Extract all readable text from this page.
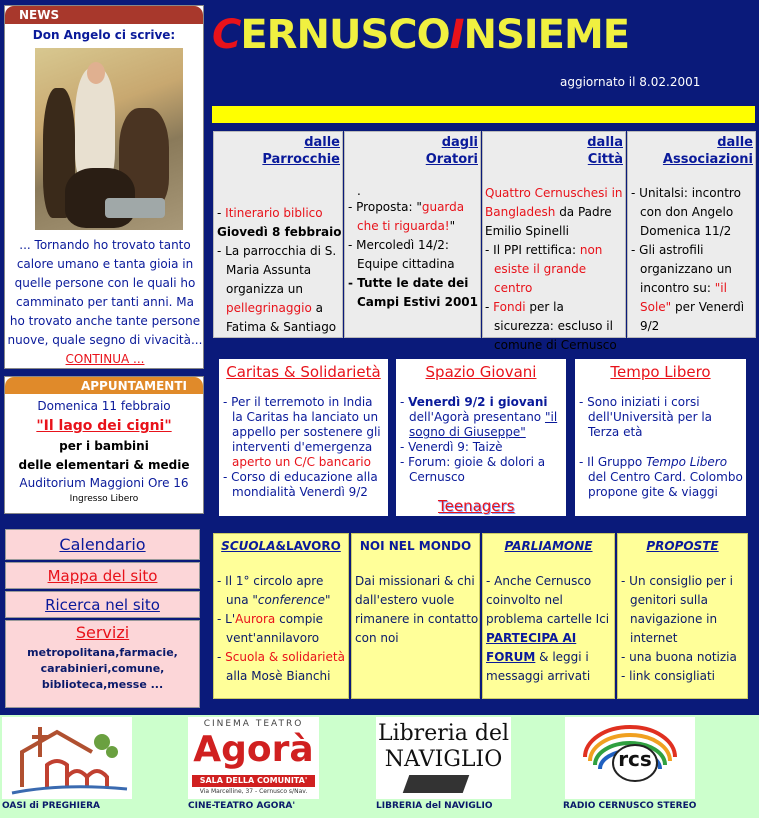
NEWS
Don Angelo ci scrive:
... Tornando ho trovato tanto calore umano e tanta gioia in quelle persone con le quali ho camminato per tanti anni. Ma ho trovato anche tante persone nuove, quale segno di vivacità...
CONTINUA ...
APPUNTAMENTI
Domenica 11 febbraio
"Il lago dei cigni"
per i bambini
delle elementari & medie
Auditorium Maggioni Ore 16
Ingresso Libero
Calendario
Mappa del sito
Ricerca nel sito
Servizi
metropolitana,farmacie, carabinieri,comune, biblioteca,messe ...
CERNUSCOINSIEME
aggiornato il 8.02.2001
dalle
Parrocchie
- Itinerario biblico
Giovedì 8 febbraio

- La parrocchia di S. Maria Assunta organizza un pellegrinaggio a Fatima & Santiago
dagli
Oratori
.
- Proposta: "guarda che ti riguarda!"
- Mercoledì 14/2: Equipe cittadina
- Tutte le date dei Campi Estivi 2001
dalla
Città
Quattro Cernuschesi in Bangladesh da Padre Emilio Spinelli
- Il PPI rettifica: non esiste il grande centro
- Fondi per la sicurezza: escluso il comune di Cernusco
dalle
Associazioni
- Unitalsi: incontro con don Angelo Domenica 11/2
- Gli astrofili organizzano un incontro su: "il Sole" per Venerdì 9/2
Caritas & Solidarietà
- Per il terremoto in India la Caritas ha lanciato un appello per sostenere gli interventi d'emergenza aperto un C/C bancario
- Corso di educazione alla mondialità Venerdì 9/2
Spazio Giovani
- Venerdì 9/2 i giovani dell'Agorà presentano "il sogno di Giuseppe"
- Venerdì 9: Taizè
- Forum: gioie & dolori a Cernusco
Teenagers
Tempo Libero
- Sono iniziati i corsi dell'Università per la Terza età
- Il Gruppo Tempo Libero del Centro Card. Colombo propone gite & viaggi
SCUOLA&LAVORO
- Il 1° circolo apre una "conference"
- L'Aurora compie vent'annilavoro
- Scuola & solidarietà alla Mosè Bianchi
NOI NEL MONDO
Dai missionari & chi dall'estero vuole rimanere in contatto con noi
PARLIAMONE
- Anche Cernusco coinvolto nel problema cartelle Ici
PARTECIPA AI FORUM & leggi i messaggi arrivati
PROPOSTE
- Un consiglio per i genitori sulla navigazione in internet
- una buona notizia
- link consigliati
OASI di PREGHIERA
CINEMA TEATRO
Agorà
SALA DELLA COMUNITA'
Via Marcelline, 37 - Cernusco s/Nav.
CINE-TEATRO AGORA'
Libreria del
NAVIGLIO
LIBRERIA del NAVIGLIO
rcs
RADIO CERNUSCO STEREO
